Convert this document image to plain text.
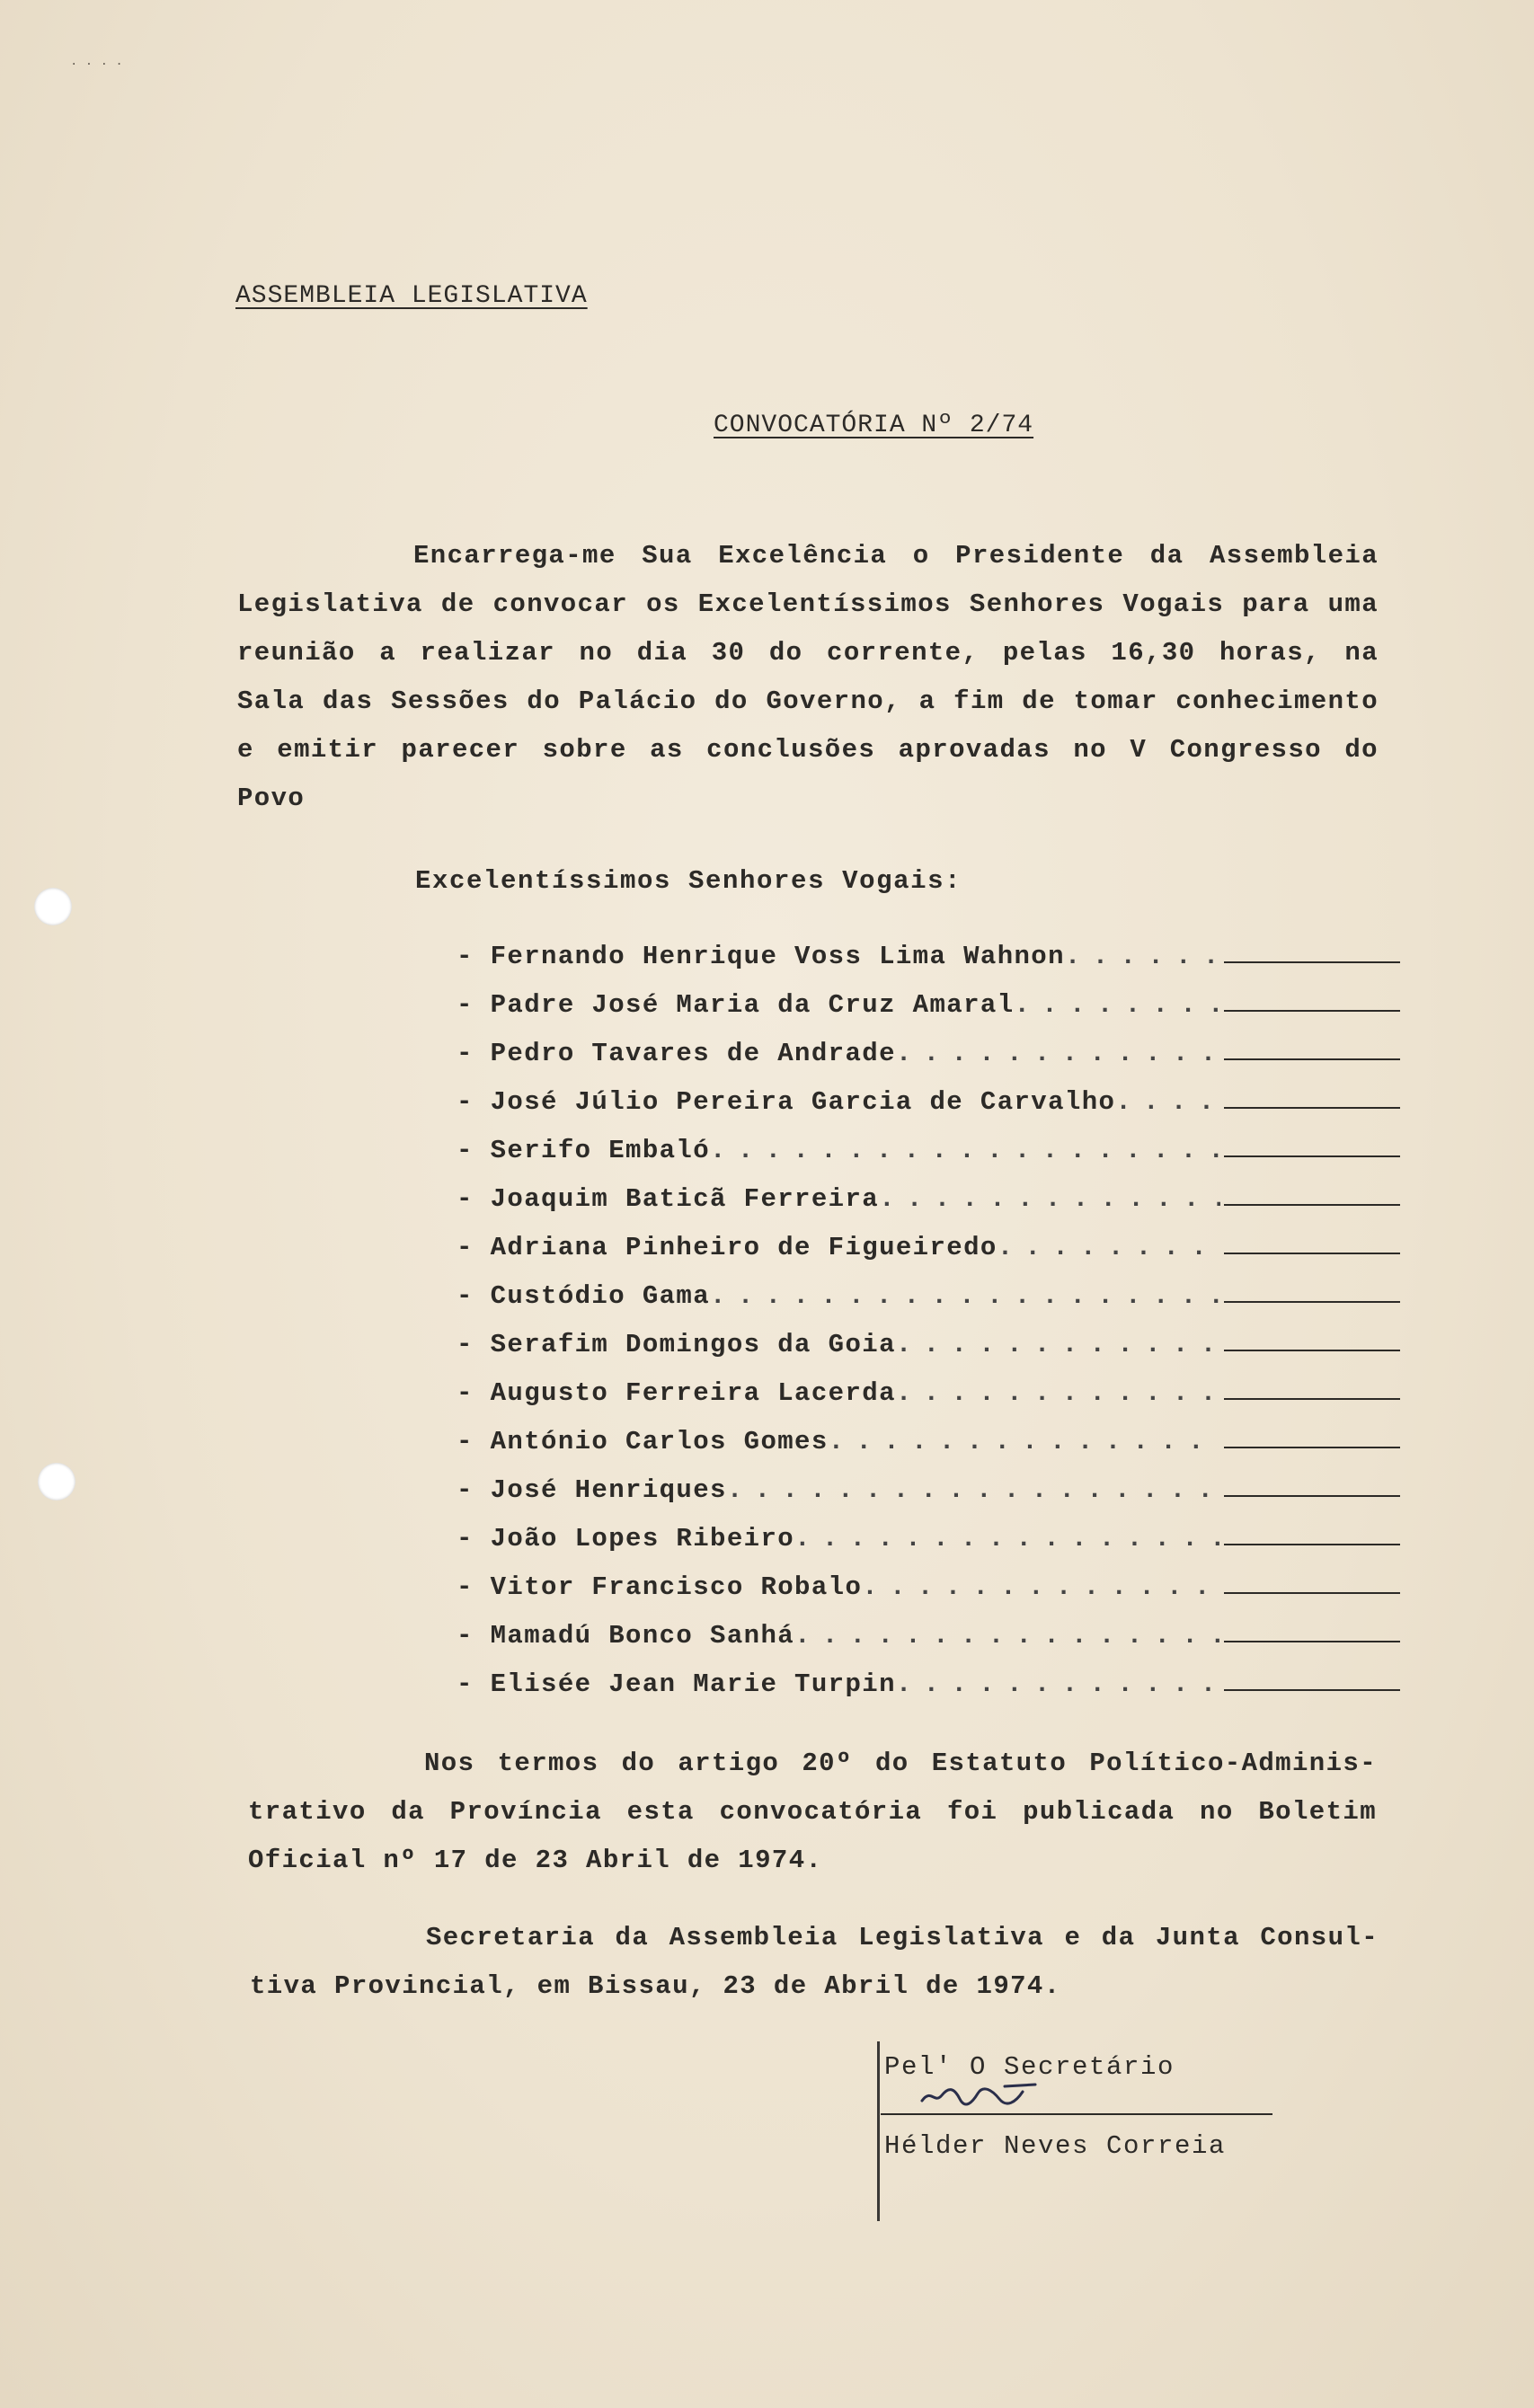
· · · ·
ASSEMBLEIA LEGISLATIVA
CONVOCATÓRIA Nº 2/74
Encarrega-me Sua Excelência o Presidente da Assembleia Legislativa de convocar os Excelentíssimos Senhores Vogais para uma reunião a realizar no dia 30 do corrente, pelas 16,30 horas, na Sala das Sessões do Palácio do Governo, a fim de tomar conhecimento e emitir parecer sobre as conclusões aprovadas no V Congresso do Povo
Excelentíssimos Senhores Vogais:
- Fernando Henrique Voss Lima Wahnon
. . .
- Padre José Maria da Cruz Amaral
. . .
- Pedro Tavares de Andrade
. . .
- José Júlio Pereira Garcia de Carvalho
. . .
- Serifo Embaló
. . .
- Joaquim Baticã Ferreira
. . .
- Adriana Pinheiro de Figueiredo
. . .
- Custódio Gama
. . .
- Serafim Domingos da Goia
. . .
- Augusto Ferreira Lacerda
. . .
- António Carlos Gomes
. . .
- José Henriques
. . .
- João Lopes Ribeiro
. . .
- Vitor Francisco Robalo
. . .
- Mamadú Bonco Sanhá
. . .
- Elisée Jean Marie Turpin
. . .
Nos termos do artigo 20º do Estatuto Político-Adminis- trativo da Província esta convocatória foi publicada no Boletim Oficial nº 17 de 23 Abril de 1974.
Secretaria da Assembleia Legislativa e da Junta Consul- tiva Provincial, em Bissau, 23 de Abril de 1974.
Pel' O Secretário
Hélder Neves Correia
